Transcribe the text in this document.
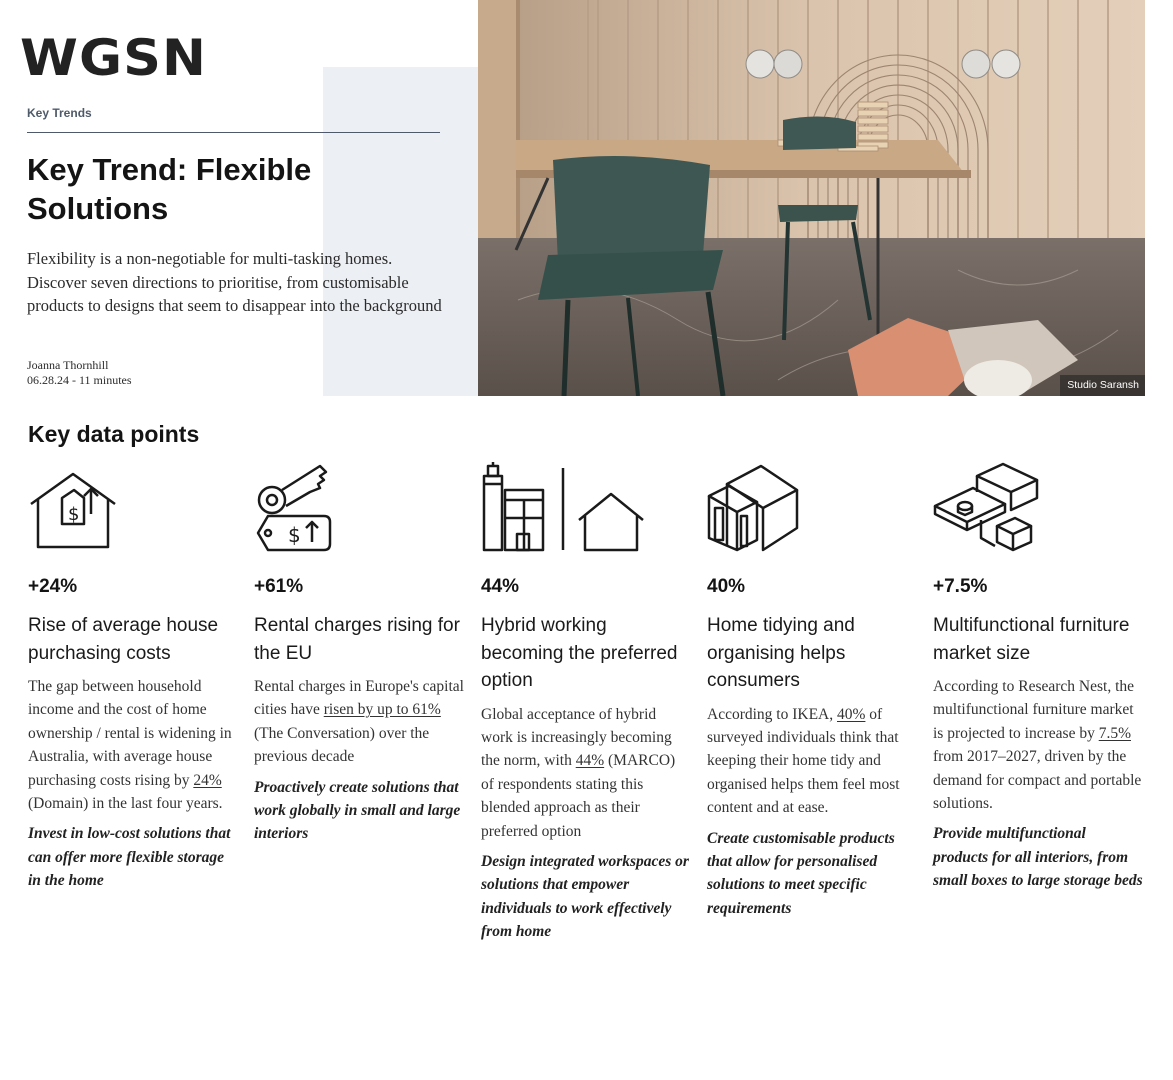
WGSN
Key Trends
Key Trend: Flexible
Solutions

Flexibility is a non-negotiable for multi-tasking homes. Discover seven directions to prioritise, from customisable products to designs that seem to disappear into the background

Joanna Thornhill
06.28.24 - 11 minutes	Studio Saransh
Key data points
$
+24%
Rise of average house purchasing costs
The gap between household income and the cost of home ownership / rental is widening in Australia, with average house purchasing costs rising by 24% (Domain) in the last four years.
Invest in low-cost solutions that can offer more flexible storage in the home
$
+61%
Rental charges rising for the EU
Rental charges in Europe's capital cities have risen by up to 61% (The Conversation) over the previous decade
Proactively create solutions that work globally in small and large interiors
44%
Hybrid working becoming the preferred option
Global acceptance of hybrid work is increasingly becoming the norm, with 44% (MARCO) of respondents stating this blended approach as their preferred option
Design integrated workspaces or solutions that empower individuals to work effectively from home
40%
Home tidying and organising helps consumers
According to IKEA, 40% of surveyed individuals think that keeping their home tidy and organised helps them feel most content and at ease.
Create customisable products that allow for personalised solutions to meet specific requirements
+7.5%
Multifunctional furniture market size
According to Research Nest, the multifunctional furniture market is projected to increase by 7.5% from 2017–2027, driven by the demand for compact and portable solutions.
Provide multifunctional products for all interiors, from small boxes to large storage beds
